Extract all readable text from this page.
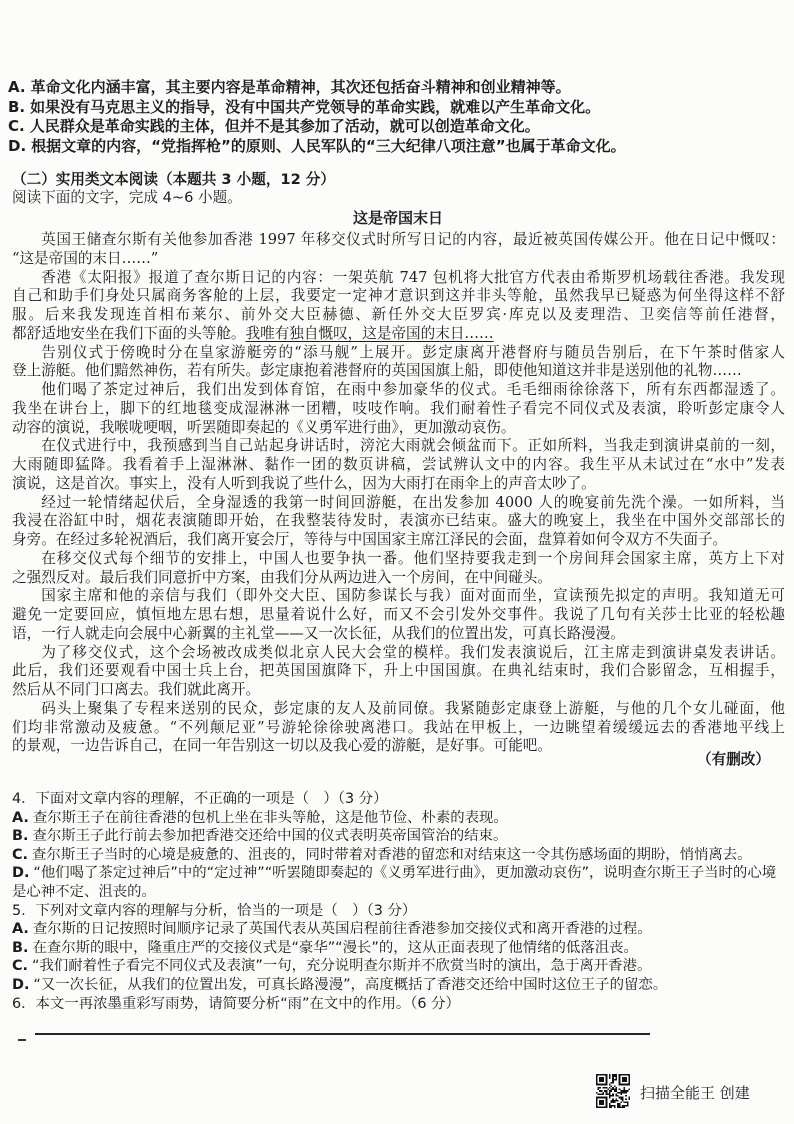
A. 革命文化内涵丰富，其主要内容是革命精神，其次还包括奋斗精神和创业精神等。
B. 如果没有马克思主义的指导，没有中国共产党领导的革命实践，就难以产生革命文化。
C. 人民群众是革命实践的主体，但并不是其参加了活动，就可以创造革命文化。
D. 根据文章的内容，“党指挥枪”的原则、人民军队的“三大纪律八项注意”也属于革命文化。
（二）实用类文本阅读（本题共 3 小题，12 分）
阅读下面的文字，完成 4~6 小题。
这是帝国末日
英国王储查尔斯有关他参加香港 1997 年移交仪式时所写日记的内容，最近被英国传媒公开。他在日记中慨叹：
“这是帝国的末日……”
香港《太阳报》报道了查尔斯日记的内容：一架英航 747 包机将大批官方代表由希斯罗机场载往香港。我发现
自己和助手们身处只属商务客舱的上层，我要定一定神才意识到这并非头等舱，虽然我早已疑惑为何坐得这样不舒
服。后来我发现连首相布莱尔、前外交大臣赫德、新任外交大臣罗宾·库克以及麦理浩、卫奕信等前任港督，
都舒适地安坐在我们下面的头等舱。我唯有独自慨叹，这是帝国的末日……
告别仪式于傍晚时分在皇家游艇旁的“添马舰”上展开。彭定康离开港督府与随员告别后，在下午茶时偕家人
登上游艇。他们黯然神伤，若有所失。彭定康抱着港督府的英国国旗上船，即使他知道这并非是送别他的礼物……
他们喝了茶定过神后，我们出发到体育馆，在雨中参加豪华的仪式。毛毛细雨徐徐落下，所有东西都湿透了。
我坐在讲台上，脚下的红地毯变成湿淋淋一团糟，吱吱作响。我们耐着性子看完不同仪式及表演，聆听彭定康令人
动容的演说，我喉咙哽咽，听罢随即奏起的《义勇军进行曲》，更加激动哀伤。
在仪式进行中，我预感到当自己站起身讲话时，滂沱大雨就会倾盆而下。正如所料，当我走到演讲桌前的一刻，
大雨随即猛降。我看着手上湿淋淋、黏作一团的数页讲稿，尝试辨认文中的内容。我生平从未试过在“水中”发表
演说，这是首次。事实上，没有人听到我说了些什么，因为大雨打在雨伞上的声音太吵了。
经过一轮情绪起伏后，全身湿透的我第一时间回游艇，在出发参加 4000 人的晚宴前先洗个澡。一如所料，当
我浸在浴缸中时，烟花表演随即开始，在我整装待发时，表演亦已结束。盛大的晚宴上，我坐在中国外交部部长的
身旁。在经过多轮祝酒后，我们离开宴会厅，等待与中国国家主席江泽民的会面，盘算着如何令双方不失面子。
在移交仪式每个细节的安排上，中国人也要争执一番。他们坚持要我走到一个房间拜会国家主席，英方上下对
之强烈反对。最后我们同意折中方案，由我们分从两边进入一个房间，在中间碰头。
国家主席和他的亲信与我们（即外交大臣、国防参谋长与我）面对面而坐，宣读预先拟定的声明。我知道无可
避免一定要回应，慎恒地左思右想，思量着说什么好，而又不会引发外交事件。我说了几句有关莎士比亚的轻松趣
语，一行人就走向会展中心新翼的主礼堂——又一次长征，从我们的位置出发，可真长路漫漫。
为了移交仪式，这个会场被改成类似北京人民大会堂的模样。我们发表演说后，江主席走到演讲桌发表讲话。
此后，我们还要观看中国士兵上台，把英国国旗降下，升上中国国旗。在典礼结束时，我们合影留念，互相握手，
然后从不同门口离去。我们就此离开。
码头上聚集了专程来送别的民众，彭定康的友人及前同僚。我紧随彭定康登上游艇，与他的几个女儿碰面，他
们均非常激动及疲惫。“不列颠尼亚”号游轮徐徐驶离港口。我站在甲板上，一边眺望着缓缓远去的香港地平线上
的景观，一边告诉自己，在同一年告别这一切以及我心爱的游艇，是好事。可能吧。
（有删改）
4．下面对文章内容的理解，不正确的一项是（　）（3 分）
A. 查尔斯王子在前往香港的包机上坐在非头等舱，这是他节俭、朴素的表现。
B. 查尔斯王子此行前去参加把香港交还给中国的仪式表明英帝国管治的结束。
C. 查尔斯王子当时的心境是疲惫的、沮丧的，同时带着对香港的留恋和对结束这一令其伤感场面的期盼，悄悄离去。
D. “他们喝了茶定过神后”中的“定过神”“听罢随即奏起的《义勇军进行曲》，更加激动哀伤”，说明查尔斯王子当时的心境是心神不定、沮丧的。
5．下列对文章内容的理解与分析，恰当的一项是（　）（3 分）
A. 查尔斯的日记按照时间顺序记录了英国代表从英国启程前往香港参加交接仪式和离开香港的过程。
B. 在查尔斯的眼中，隆重庄严的交接仪式是“豪华”“漫长”的，这从正面表现了他情绪的低落沮丧。
C. “我们耐着性子看完不同仪式及表演”一句，充分说明查尔斯并不欣赏当时的演出，急于离开香港。
D. “又一次长征，从我们的位置出发，可真长路漫漫”，高度概括了香港交还给中国时这位王子的留恋。
6．本文一再浓墨重彩写雨势，请简要分析“雨”在文中的作用。（6 分）
扫描全能王 创建
